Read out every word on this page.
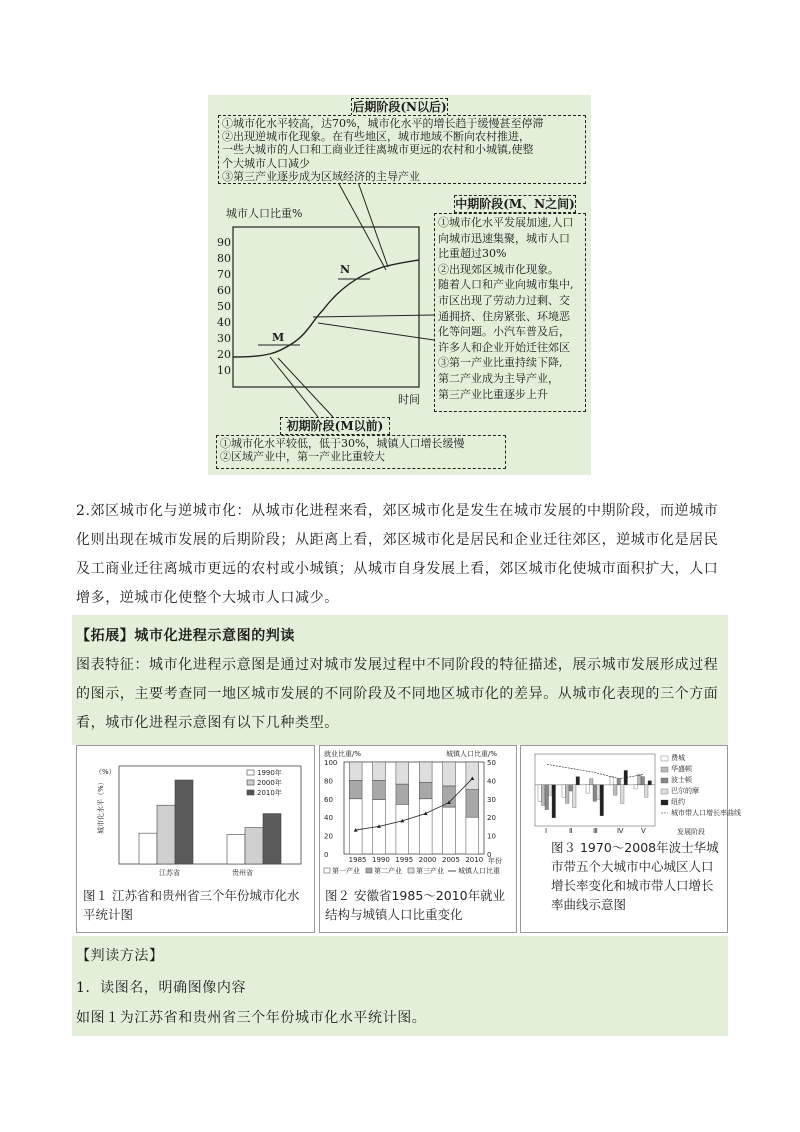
后期阶段(N以后)
①城市化水平较高，达70%，城市化水平的增长趋于缓慢甚至停滞
②出现逆城市化现象。在有些地区，城市地域不断向农村推进，
一些大城市的人口和工商业迁往离城市更远的农村和小城镇,使整
个大城市人口减少
③第三产业逐步成为区域经济的主导产业
城市人口比重%
时间
90
80
70
60
50
40
30
20
10
M
N
中期阶段(M、N之间)
①城市化水平发展加速,人口
向城市迅速集聚，城市人口
比重超过30%
②出现郊区城市化现象。
随着人口和产业向城市集中,
市区出现了劳动力过剩、交
通拥挤、住房紧张、环境恶
化等问题。小汽车普及后，
许多人和企业开始迁往郊区
③第一产业比重持续下降,
第二产业成为主导产业，
第三产业比重逐步上升
初期阶段(M以前)
①城市化水平较低，低于30%，城镇人口增长缓慢
②区域产业中，第一产业比重较大
2.郊区城市化与逆城市化：从城市化进程来看，郊区城市化是发生在城市发展的中期阶段，而逆城市化则出现在城市发展的后期阶段；从距离上看，郊区城市化是居民和企业迁往郊区，逆城市化是居民及工商业迁往离城市更远的农村或小城镇；从城市自身发展上看，郊区城市化使城市面积扩大，人口增多，逆城市化使整个大城市人口减少。
【拓展】城市化进程示意图的判读
图表特征：城市化进程示意图是通过对城市发展过程中不同阶段的特征描述，展示城市发展形成过程的图示，主要考查同一地区城市发展的不同阶段及不同地区城市化的差异。从城市化表现的三个方面看，城市化进程示意图有以下几种类型。
（%）
城市化水平（%）
1990年
2000年
2010年
江苏省	贵州省
图１ 江苏省和贵州省三个年份城市化水平统计图
就业比重/%	城镇人口比重/%
100
80
60
40
20
0
50
40
30
20
10
0
1985 1990 1995 2000 2005 2010 年份
第一产业 第二产业 第三产业 城镇人口比重
图２ 安徽省1985～2010年就业结构与城镇人口比重变化
Ⅰ	Ⅱ	Ⅲ	Ⅳ	Ⅴ	发展阶段
费城
华盛顿
波士顿
巴尔的摩
纽约
城市带人口增长率曲线
图３ 1970～2008年波士华城市带五个大城市中心城区人口增长率变化和城市带人口增长率曲线示意图
【判读方法】
1．读图名，明确图像内容
如图１为江苏省和贵州省三个年份城市化水平统计图。
